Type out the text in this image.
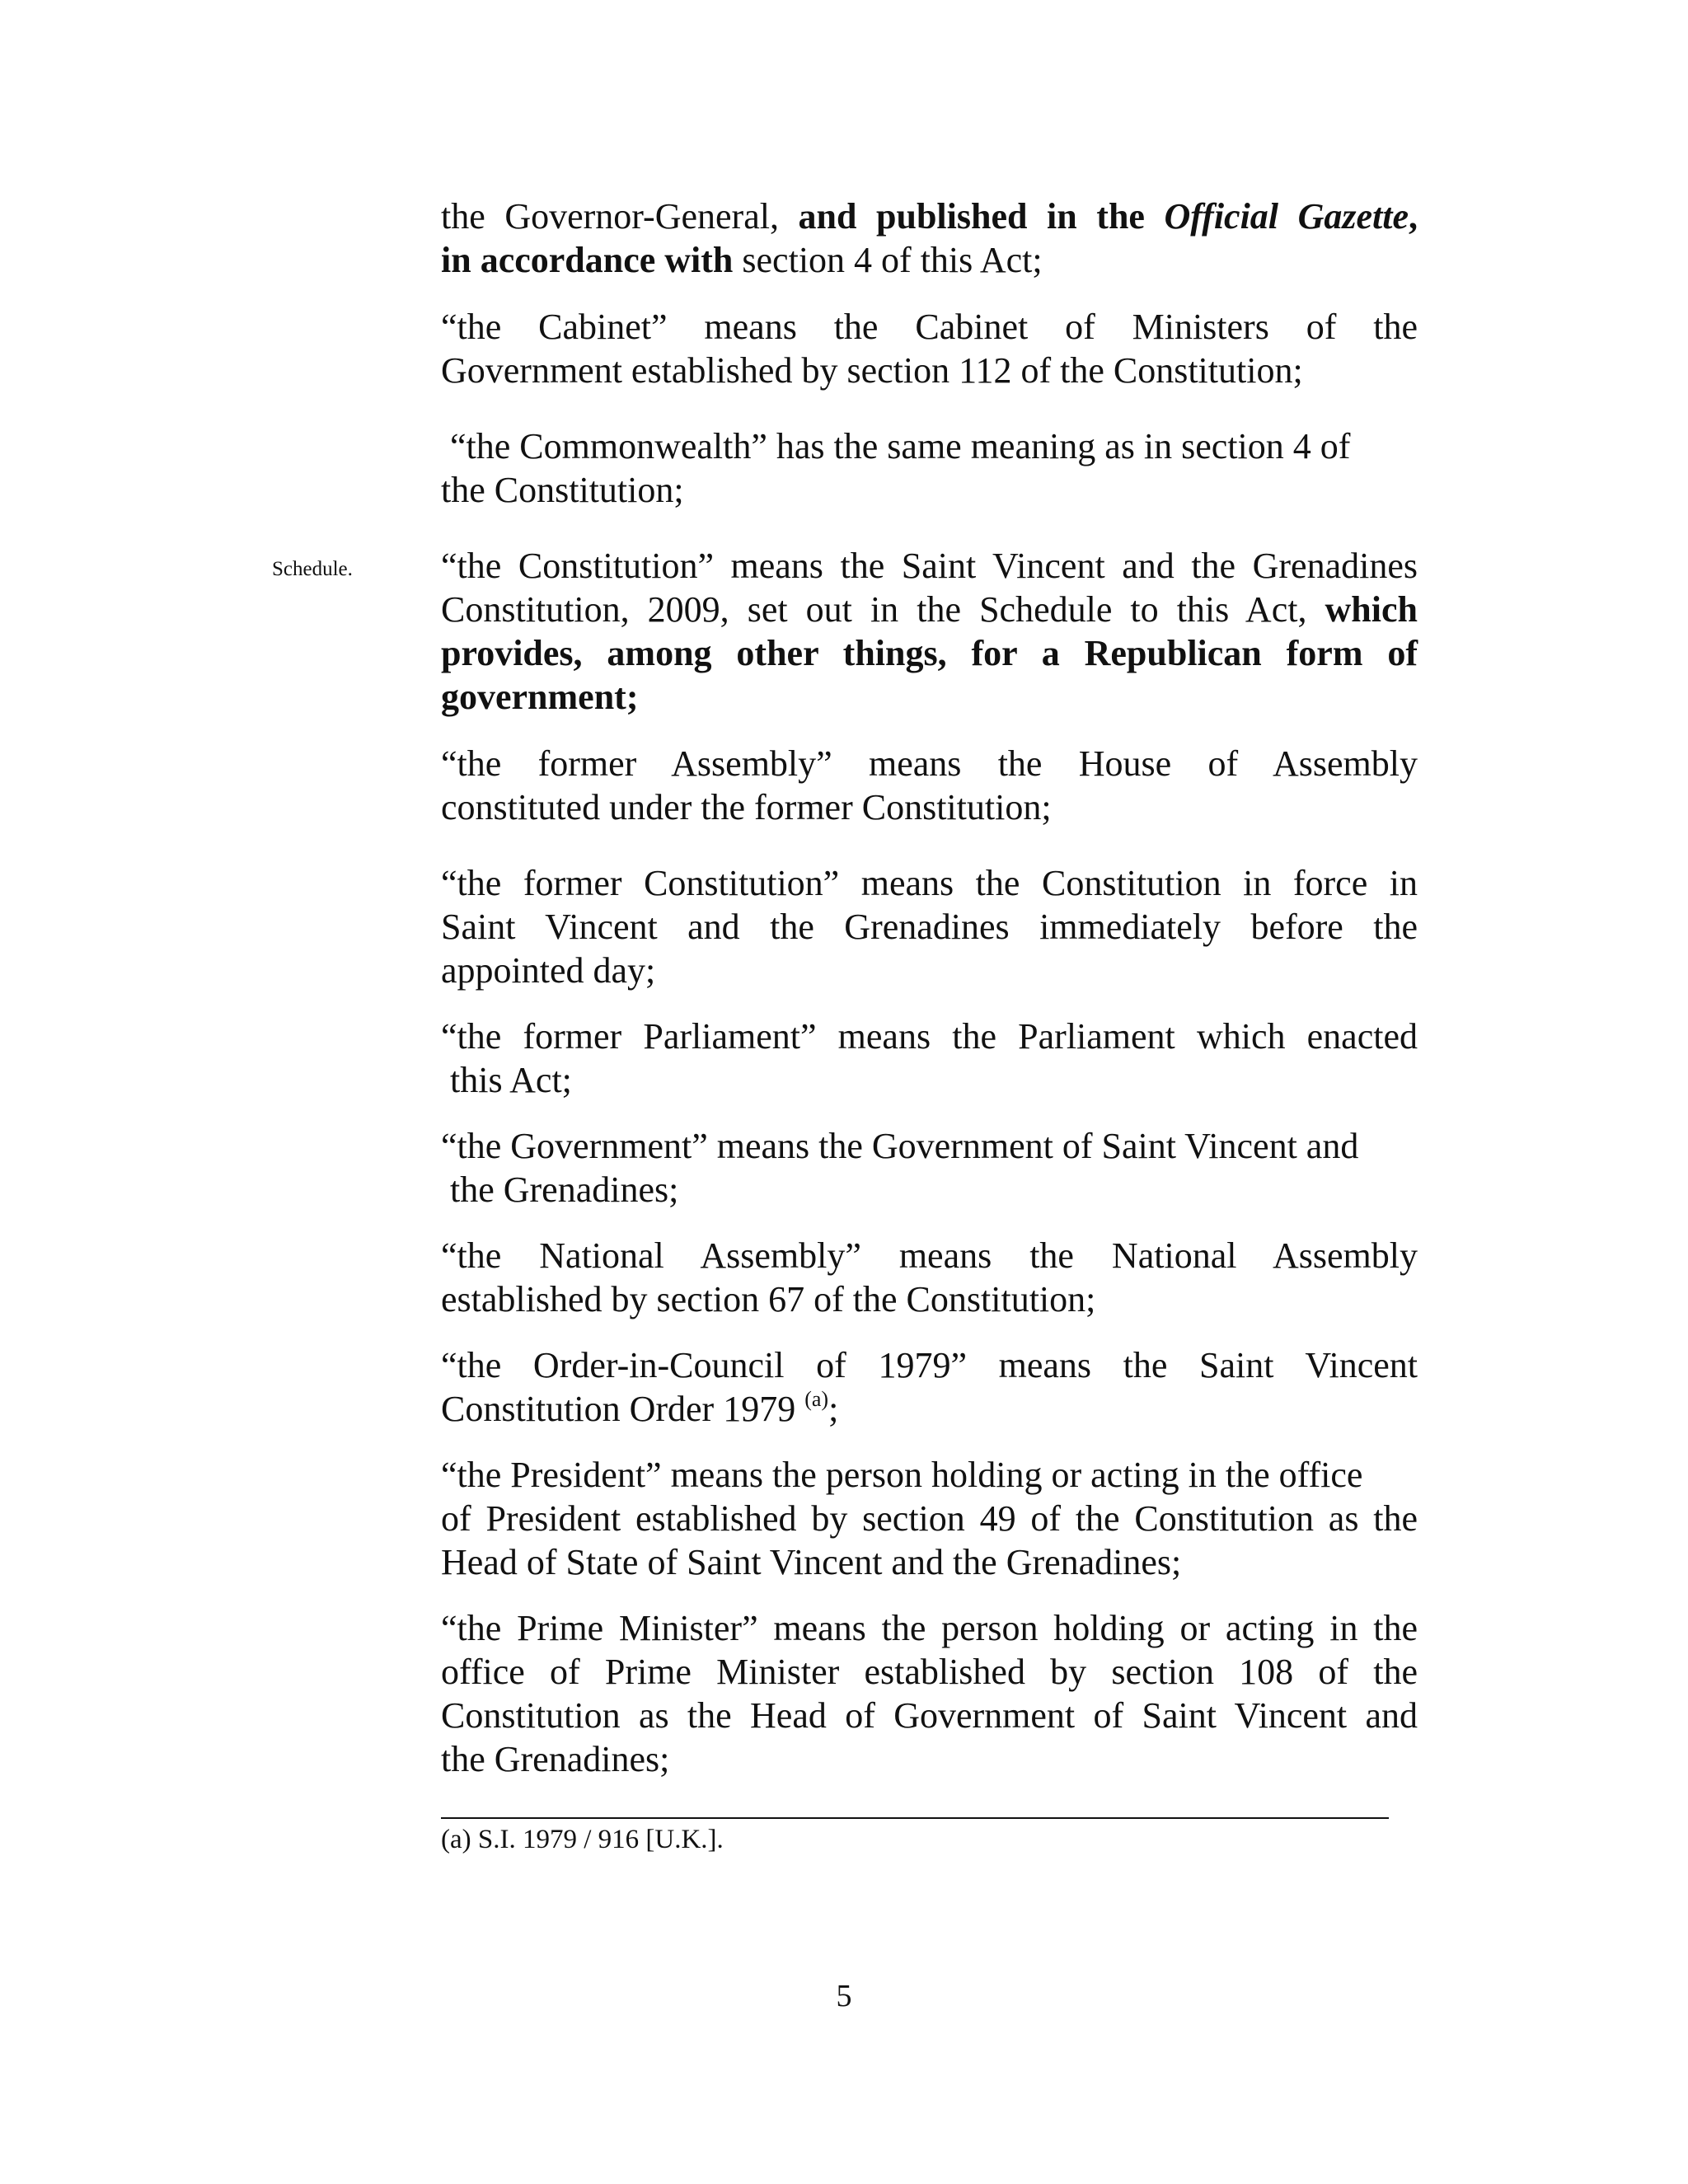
the Governor-General, and published in the Official Gazette,
in accordance with section 4 of this Act;
“the Cabinet” means the Cabinet of Ministers of the
Government established by section 112 of the Constitution;
“the Commonwealth” has the same meaning as in section 4 of
the Constitution;
Schedule. “the Constitution” means the Saint Vincent and the Grenadines
Constitution, 2009, set out in the Schedule to this Act, which
provides, among other things, for a Republican form of
government;
“the former Assembly” means the House of Assembly
constituted under the former Constitution;
“the former Constitution” means the Constitution in force in
Saint Vincent and the Grenadines immediately before the
appointed day;
“the former Parliament” means the Parliament which enacted
this Act;
“the Government” means the Government of Saint Vincent and
the Grenadines;
“the National Assembly” means the National Assembly
established by section 67 of the Constitution;
“the Order-in-Council of 1979” means the Saint Vincent
Constitution Order 1979 $^{(a)}$;
“the President” means the person holding or acting in the office
of President established by section 49 of the Constitution as the
Head of State of Saint Vincent and the Grenadines;
“the Prime Minister” means the person holding or acting in the
office of Prime Minister established by section 108 of the
Constitution as the Head of Government of Saint Vincent and
the Grenadines;
(a) S.I. 1979 / 916 [U.K.].
5
